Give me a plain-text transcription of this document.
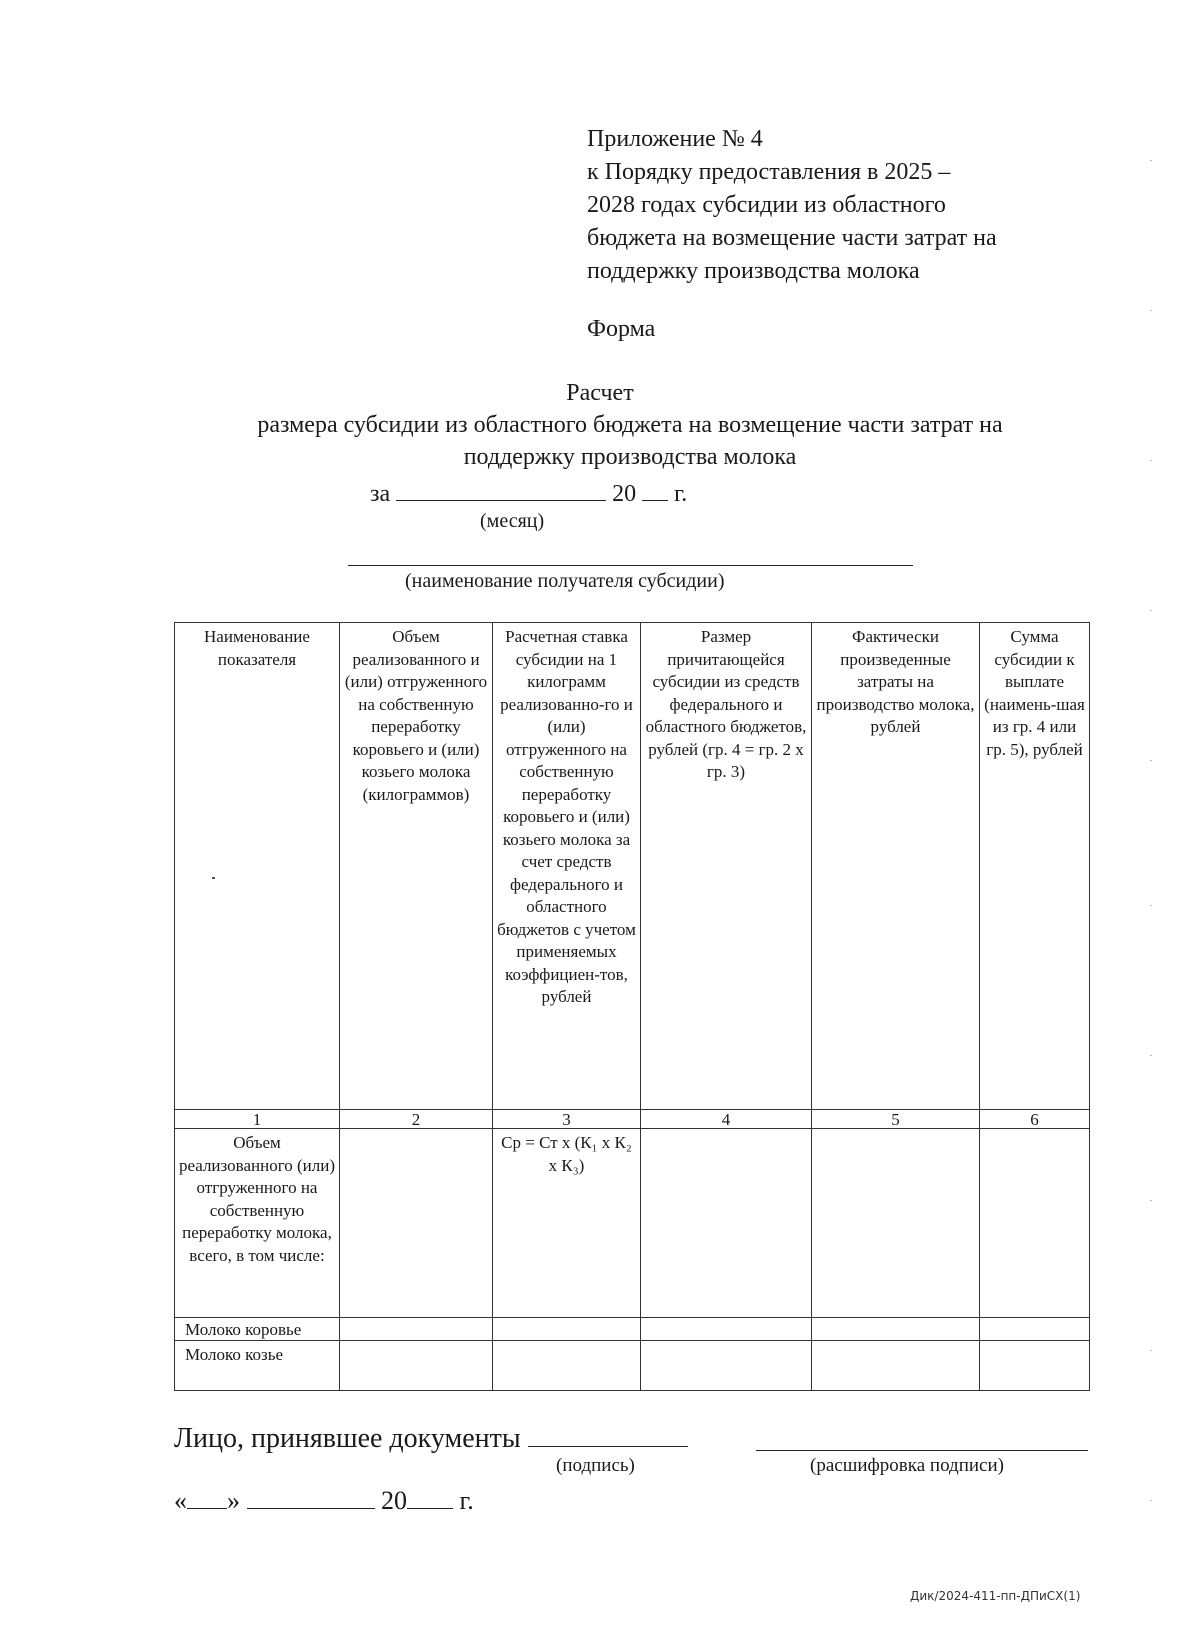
Приложение № 4
к Порядку предоставления в 2025 –
2028 годах субсидии из областного
бюджета на возмещение части затрат на
поддержку производства молока
Форма
Расчет
размера субсидии из областного бюджета на возмещение части затрат на
поддержку производства молока
за	20 г.
(месяц)
(наименование получателя субсидии)
Наименование показателя	Объем реализованного и (или) отгруженного на собственную переработку коровьего и (или) козьего молока (килограммов)	Расчетная ставка субсидии на 1 килограмм реализованно-го и (или) отгруженного на собственную переработку коровьего и (или) козьего молока за счет средств федерального и областного бюджетов с учетом применяемых коэффициен-тов, рублей	Размер причитающейся субсидии из средств федерального и областного бюджетов, рублей (гр. 4 = гр. 2 x гр. 3)	Фактически произведенные затраты на производство молока, рублей	Сумма субсидии к выплате (наимень-шая из гр. 4 или гр. 5), рублей
1	2	3	4	5	6
Объем реализованного (или) отгруженного на собственную переработку молока, всего, в том числе:		Ср = Ст х (К₁ х К₂ х К₃)			
Молоко коровье					
Молоко козье					
Лицо, принявшее документы
(подпись)	(расшифровка подписи)
« »	20 г.
Дик/2024-411-пп-ДПиСХ(1)
